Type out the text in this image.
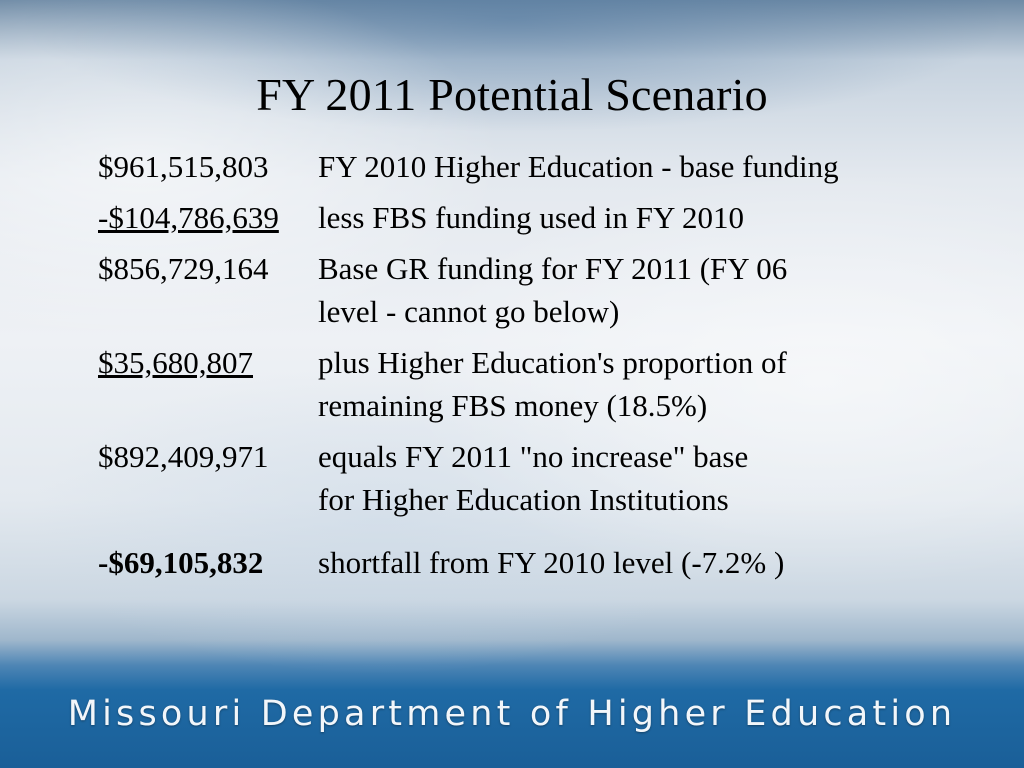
FY 2011 Potential Scenario
$961,515,803	FY 2010 Higher Education - base funding
-$104,786,639	less FBS funding used in FY 2010
$856,729,164	Base GR funding for FY 2011 (FY 06
level - cannot go below)
$35,680,807	plus Higher Education's proportion of
remaining FBS money (18.5%)
$892,409,971	equals FY 2011 "no increase" base
for Higher Education Institutions
-$69,105,832	shortfall from FY 2010 level (-7.2% )
Missouri Department of Higher Education
